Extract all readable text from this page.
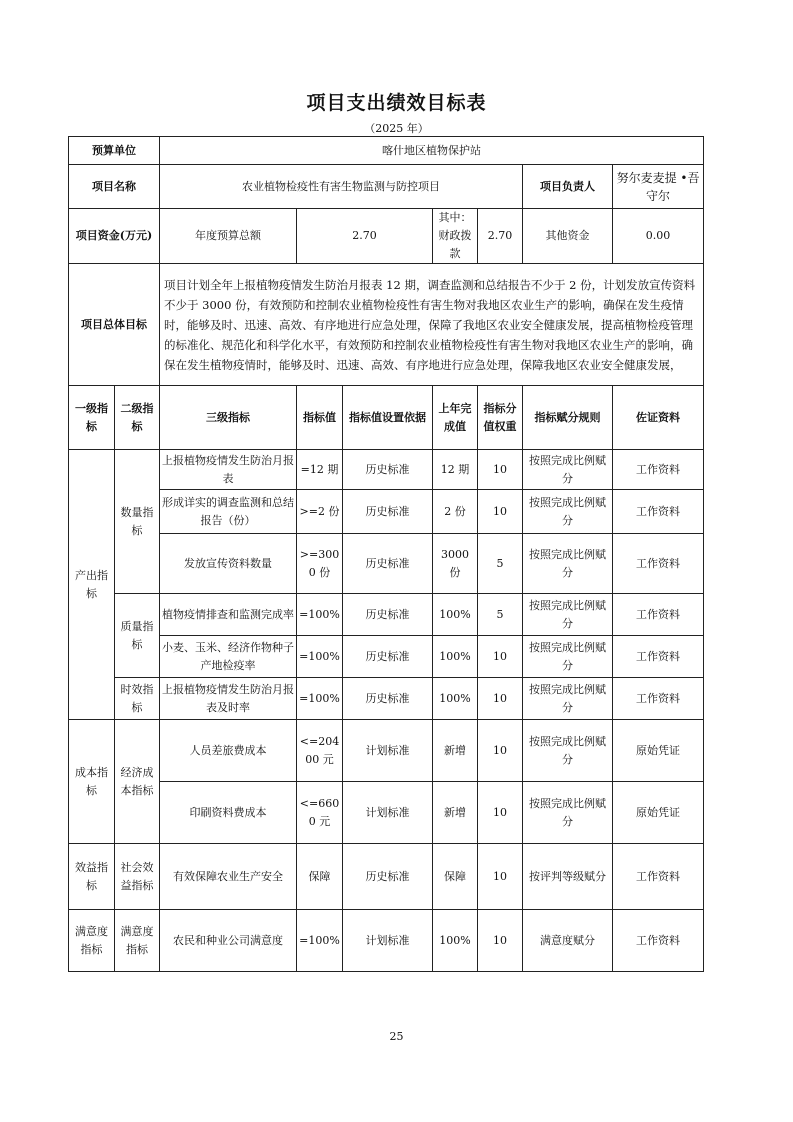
项目支出绩效目标表
（2025 年）
预算单位		喀什地区植物保护站						
项目名称		农业植物检疫性有害生物监测与防控项目					项目负责人	努尔麦麦提 •吾守尔
项目资金(万元)		年度预算总额	2.70		其中：财政拨款	2.70	其他资金	0.00
项目总体目标		项目计划全年上报植物疫情发生防治月报表 12 期，调查监测和总结报告不少于 2 份，计划发放宣传资料不少于 3000 份，有效预防和控制农业植物检疫性有害生物对我地区农业生产的影响，确保在发生疫情时，能够及时、迅速、高效、有序地进行应急处理，保障了我地区农业安全健康发展，提高植物检疫管理的标准化、规范化和科学化水平，有效预防和控制农业植物检疫性有害生物对我地区农业生产的影响，确保在发生植物疫情时，能够及时、迅速、高效、有序地进行应急处理，保障我地区农业安全健康发展，						
一级指标	二级指标	三级指标	指标值	指标值设置依据	上年完成值	指标分值权重	指标赋分规则	佐证资料
产出指标	数量指标	上报植物疫情发生防治月报表	=12 期	历史标准	12 期	10	按照完成比例赋分	工作资料
		形成详实的调查监测和总结报告（份）	>=2 份	历史标准	2 份	10	按照完成比例赋分	工作资料
		发放宣传资料数量	>=3000 份	历史标准	3000 份	5	按照完成比例赋分	工作资料
	质量指标	植物疫情排查和监测完成率	=100%	历史标准	100%	5	按照完成比例赋分	工作资料
		小麦、玉米、经济作物种子产地检疫率	=100%	历史标准	100%	10	按照完成比例赋分	工作资料
	时效指标	上报植物疫情发生防治月报表及时率	=100%	历史标准	100%	10	按照完成比例赋分	工作资料
成本指标	经济成本指标	人员差旅费成本	<=20400 元	计划标准	新增	10	按照完成比例赋分	原始凭证
		印刷资料费成本	<=6600 元	计划标准	新增	10	按照完成比例赋分	原始凭证
效益指标	社会效益指标	有效保障农业生产安全	保障	历史标准	保障	10	按评判等级赋分	工作资料
满意度指标	满意度指标	农民和种业公司满意度	=100%	计划标准	100%	10	满意度赋分	工作资料
25
